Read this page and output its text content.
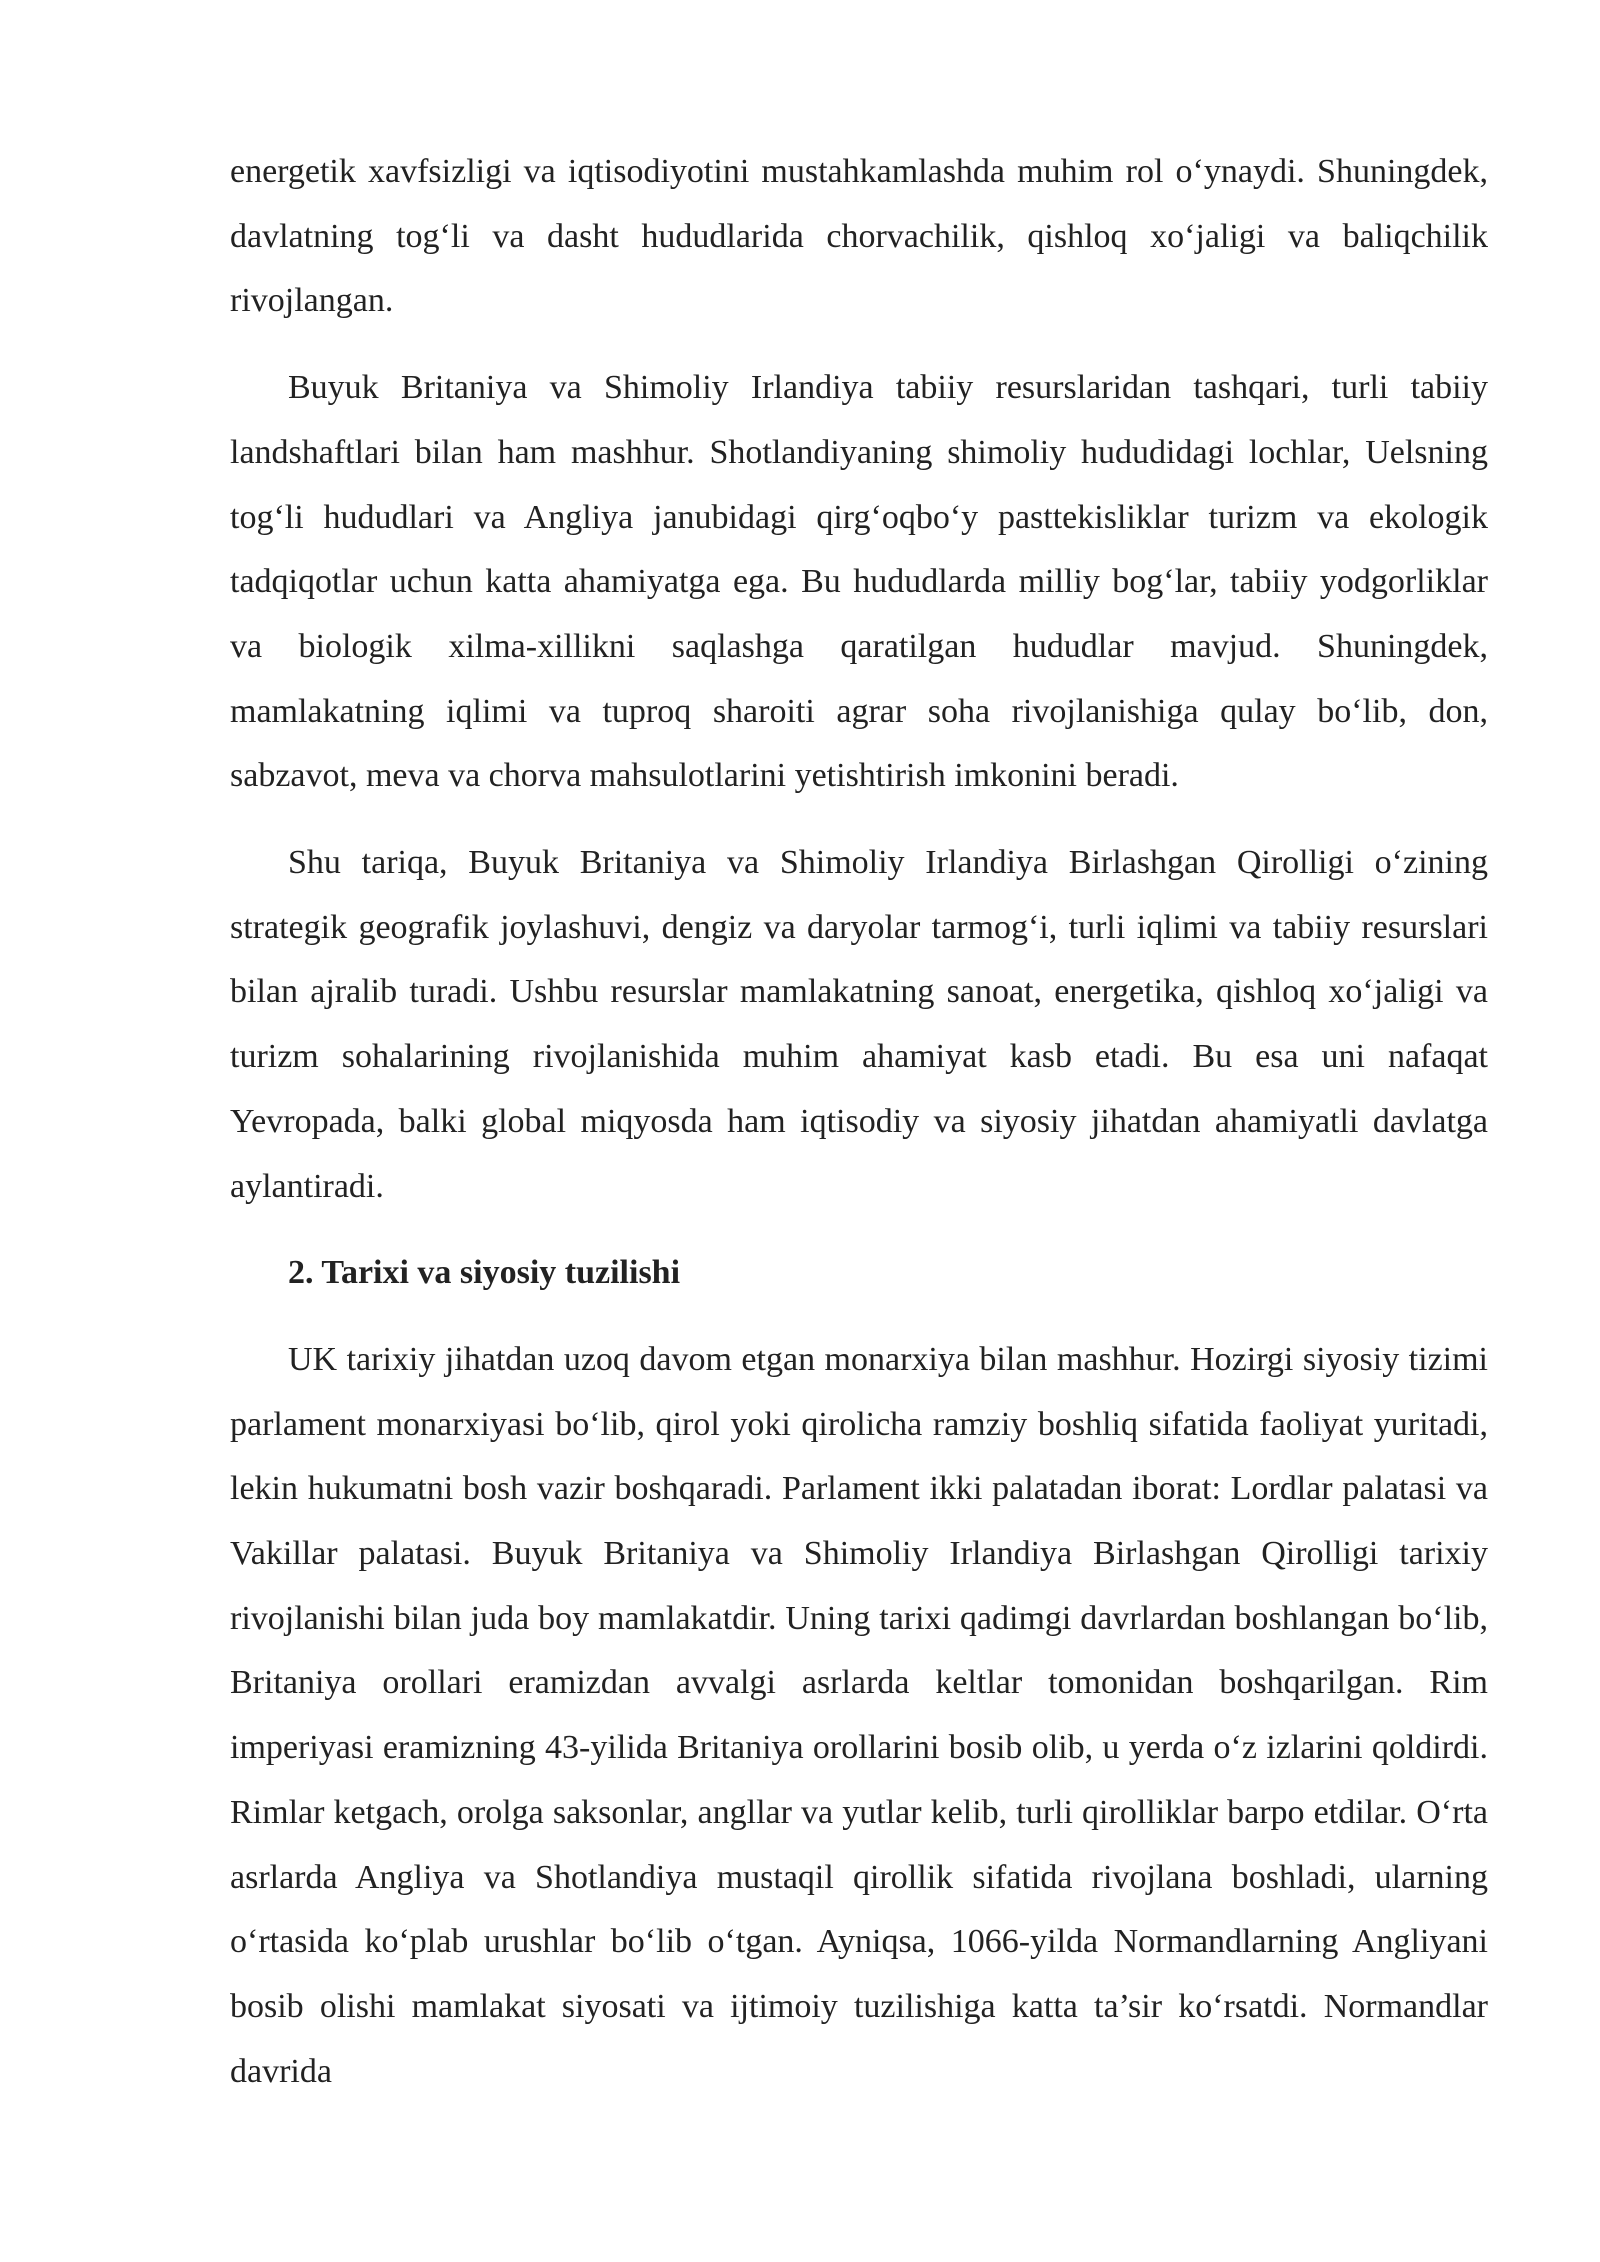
energetik xavfsizligi va iqtisodiyotini mustahkamlashda muhim rol o‘ynaydi. Shuningdek, davlatning tog‘li va dasht hududlarida chorvachilik, qishloq xo‘jaligi va baliqchilik rivojlangan.

Buyuk Britaniya va Shimoliy Irlandiya tabiiy resurslaridan tashqari, turli tabiiy landshaftlari bilan ham mashhur. Shotlandiyaning shimoliy hududidagi lochlar, Uelsning tog‘li hududlari va Angliya janubidagi qirg‘oqbo‘y pasttekisliklar turizm va ekologik tadqiqotlar uchun katta ahamiyatga ega. Bu hududlarda milliy bog‘lar, tabiiy yodgorliklar va biologik xilma-xillikni saqlashga qaratilgan hududlar mavjud. Shuningdek, mamlakatning iqlimi va tuproq sharoiti agrar soha rivojlanishiga qulay bo‘lib, don, sabzavot, meva va chorva mahsulotlarini yetishtirish imkonini beradi.

Shu tariqa, Buyuk Britaniya va Shimoliy Irlandiya Birlashgan Qirolligi o‘zining strategik geografik joylashuvi, dengiz va daryolar tarmog‘i, turli iqlimi va tabiiy resurslari bilan ajralib turadi. Ushbu resurslar mamlakatning sanoat, energetika, qishloq xo‘jaligi va turizm sohalarining rivojlanishida muhim ahamiyat kasb etadi. Bu esa uni nafaqat Yevropada, balki global miqyosda ham iqtisodiy va siyosiy jihatdan ahamiyatli davlatga aylantiradi.

2. Tarixi va siyosiy tuzilishi

UK tarixiy jihatdan uzoq davom etgan monarxiya bilan mashhur. Hozirgi siyosiy tizimi parlament monarxiyasi bo‘lib, qirol yoki qirolicha ramziy boshliq sifatida faoliyat yuritadi, lekin hukumatni bosh vazir boshqaradi. Parlament ikki palatadan iborat: Lordlar palatasi va Vakillar palatasi. Buyuk Britaniya va Shimoliy Irlandiya Birlashgan Qirolligi tarixiy rivojlanishi bilan juda boy mamlakatdir. Uning tarixi qadimgi davrlardan boshlangan bo‘lib, Britaniya orollari eramizdan avvalgi asrlarda keltlar tomonidan boshqarilgan. Rim imperiyasi eramizning 43-yilida Britaniya orollarini bosib olib, u yerda o‘z izlarini qoldirdi. Rimlar ketgach, orolga saksonlar, angllar va yutlar kelib, turli qirolliklar barpo etdilar. O‘rta asrlarda Angliya va Shotlandiya mustaqil qirollik sifatida rivojlana boshladi, ularning o‘rtasida ko‘plab urushlar bo‘lib o‘tgan. Ayniqsa, 1066-yilda Normandlarning Angliyani bosib olishi mamlakat siyosati va ijtimoiy tuzilishiga katta ta’sir ko‘rsatdi. Normandlar davrida
